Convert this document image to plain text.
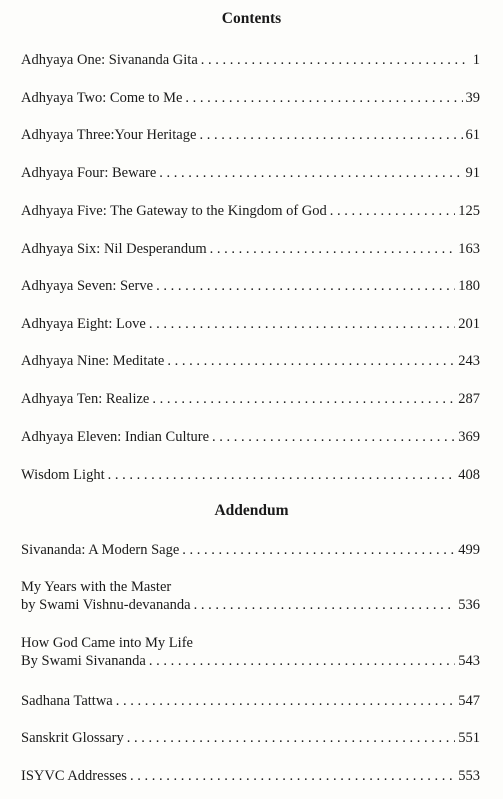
Contents
Adhyaya One: Sivananda Gita . . .	1
Adhyaya Two: Come to Me . . .	39
Adhyaya Three:Your Heritage . . .	61
Adhyaya Four: Beware . . .	91
Adhyaya Five: The Gateway to the Kingdom of God . . .	125
Adhyaya Six: Nil Desperandum . . .	163
Adhyaya Seven: Serve . . .	180
Adhyaya Eight: Love . . .	201
Adhyaya Nine: Meditate . . .	243
Adhyaya Ten: Realize . . .	287
Adhyaya Eleven: Indian Culture . . .	369
Wisdom Light . . .	408
Addendum
Sivananda: A Modern Sage . . .	499
My Years with the Master
by Swami Vishnu-devananda . . .	536
How God Came into My Life
By Swami Sivananda . . .	543
Sadhana Tattwa . . .	547
Sanskrit Glossary . . .	551
ISYVC Addresses . . .	553
